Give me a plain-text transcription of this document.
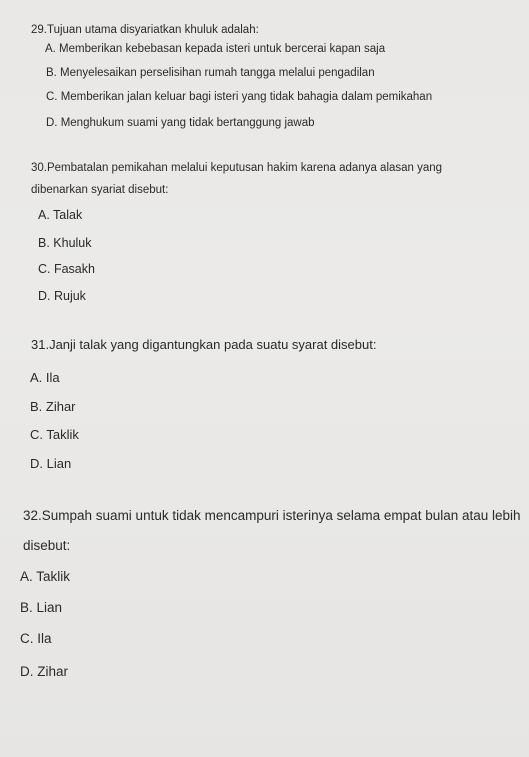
29.Tujuan utama disyariatkan khuluk adalah:
A. Memberikan kebebasan kepada isteri untuk bercerai kapan saja
B. Menyelesaikan perselisihan rumah tangga melalui pengadilan
C. Memberikan jalan keluar bagi isteri yang tidak bahagia dalam pemikahan
D. Menghukum suami yang tidak bertanggung jawab
30.Pembatalan pemikahan melalui keputusan hakim karena adanya alasan yang
dibenarkan syariat disebut:
A. Talak
B. Khuluk
C. Fasakh
D. Rujuk
31.Janji talak yang digantungkan pada suatu syarat disebut:
A. Ila
B. Zihar
C. Taklik
D. Lian
32.Sumpah suami untuk tidak mencampuri isterinya selama empat bulan atau lebih
disebut:
A. Taklik
B. Lian
C. Ila
D. Zihar
